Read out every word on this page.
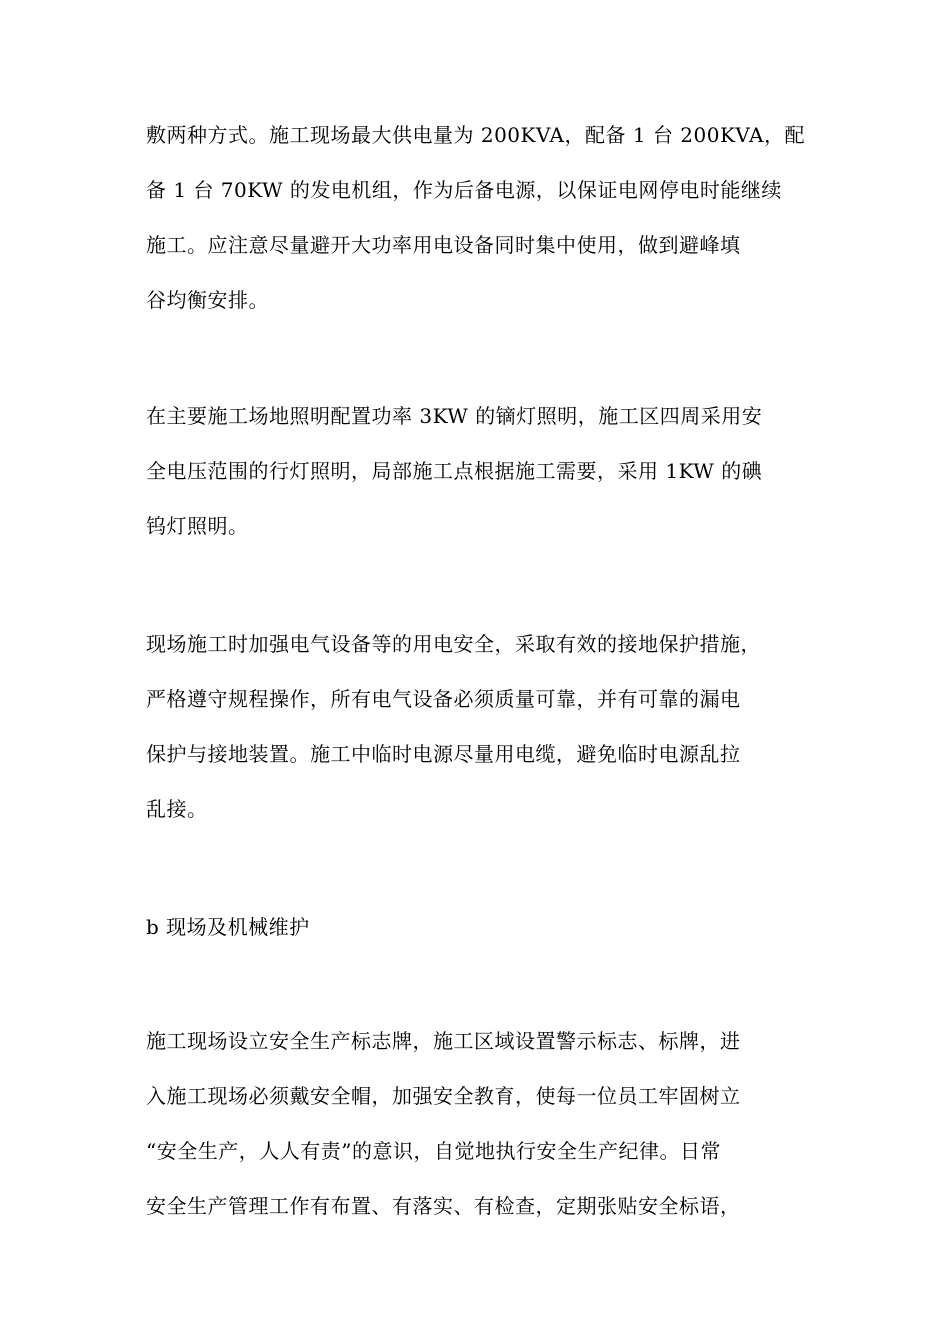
敷两种方式。施工现场最大供电量为 200KVA，配备 1 台 200KVA，配
备 1 台 70KW 的发电机组，作为后备电源，以保证电网停电时能继续
施工。应注意尽量避开大功率用电设备同时集中使用，做到避峰填
谷均衡安排。
在主要施工场地照明配置功率 3KW 的镝灯照明，施工区四周采用安
全电压范围的行灯照明，局部施工点根据施工需要，采用 1KW 的碘
钨灯照明。
现场施工时加强电气设备等的用电安全，采取有效的接地保护措施，
严格遵守规程操作，所有电气设备必须质量可靠，并有可靠的漏电
保护与接地装置。施工中临时电源尽量用电缆，避免临时电源乱拉
乱接。
b 现场及机械维护
施工现场设立安全生产标志牌，施工区域设置警示标志、标牌，进
入施工现场必须戴安全帽，加强安全教育，使每一位员工牢固树立
“安全生产，人人有责”的意识，自觉地执行安全生产纪律。日常
安全生产管理工作有布置、有落实、有检查，定期张贴安全标语，
